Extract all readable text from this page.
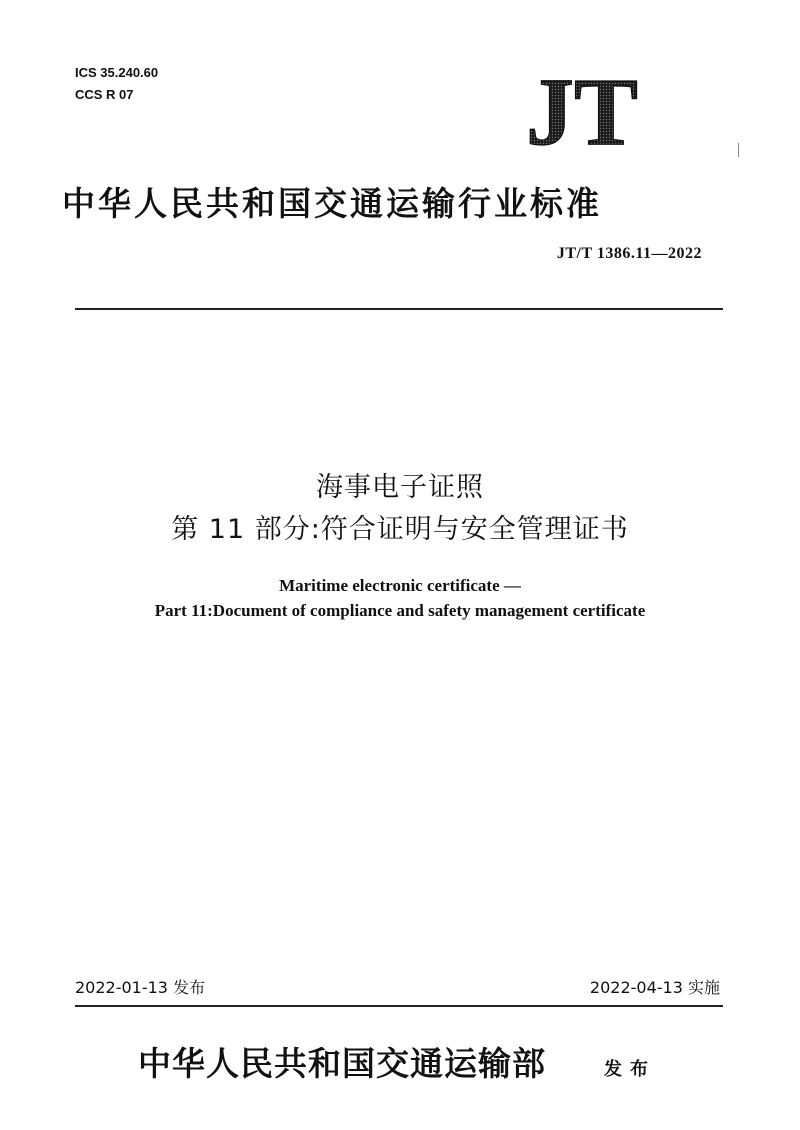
ICS 35.240.60
CCS R 07	JT
中华人民共和国交通运输行业标准
JT/T 1386.11—2022
海事电子证照
第 11 部分:符合证明与安全管理证书
Maritime electronic certificate —
Part 11:Document of compliance and safety management certificate
2022-01-13 发布	2022-04-13 实施
中华人民共和国交通运输部	发布
